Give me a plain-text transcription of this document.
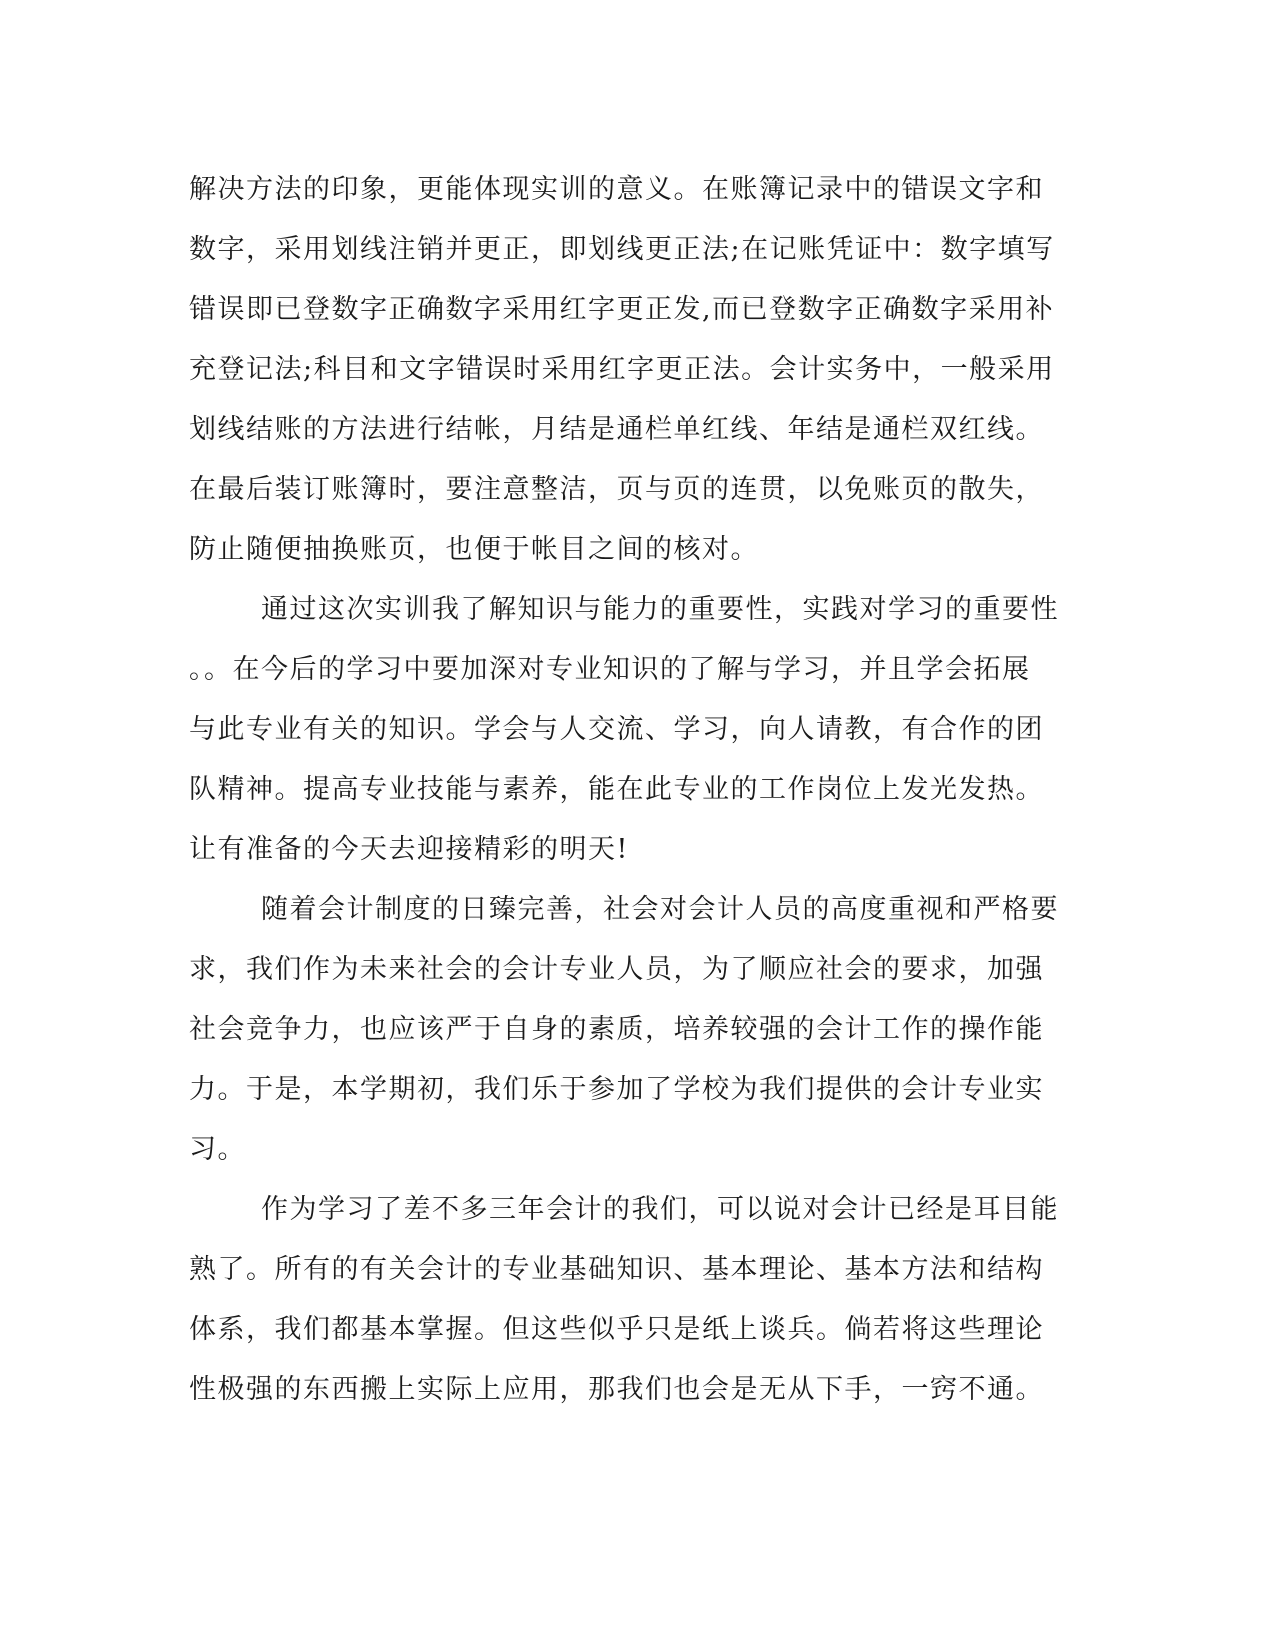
解决方法的印象，更能体现实训的意义。在账簿记录中的错误文字和
数字，采用划线注销并更正，即划线更正法;在记账凭证中：数字填写
错误即已登数字正确数字采用红字更正发,而已登数字正确数字采用补
充登记法;科目和文字错误时采用红字更正法。会计实务中，一般采用
划线结账的方法进行结帐，月结是通栏单红线、年结是通栏双红线。
在最后装订账簿时，要注意整洁，页与页的连贯，以免账页的散失，
防止随便抽换账页，也便于帐目之间的核对。
通过这次实训我了解知识与能力的重要性，实践对学习的重要性
。。在今后的学习中要加深对专业知识的了解与学习，并且学会拓展
与此专业有关的知识。学会与人交流、学习，向人请教，有合作的团
队精神。提高专业技能与素养，能在此专业的工作岗位上发光发热。
让有准备的今天去迎接精彩的明天!
随着会计制度的日臻完善，社会对会计人员的高度重视和严格要
求，我们作为未来社会的会计专业人员，为了顺应社会的要求，加强
社会竞争力，也应该严于自身的素质，培养较强的会计工作的操作能
力。于是，本学期初，我们乐于参加了学校为我们提供的会计专业实
习。
作为学习了差不多三年会计的我们，可以说对会计已经是耳目能
熟了。所有的有关会计的专业基础知识、基本理论、基本方法和结构
体系，我们都基本掌握。但这些似乎只是纸上谈兵。倘若将这些理论
性极强的东西搬上实际上应用，那我们也会是无从下手，一窍不通。
